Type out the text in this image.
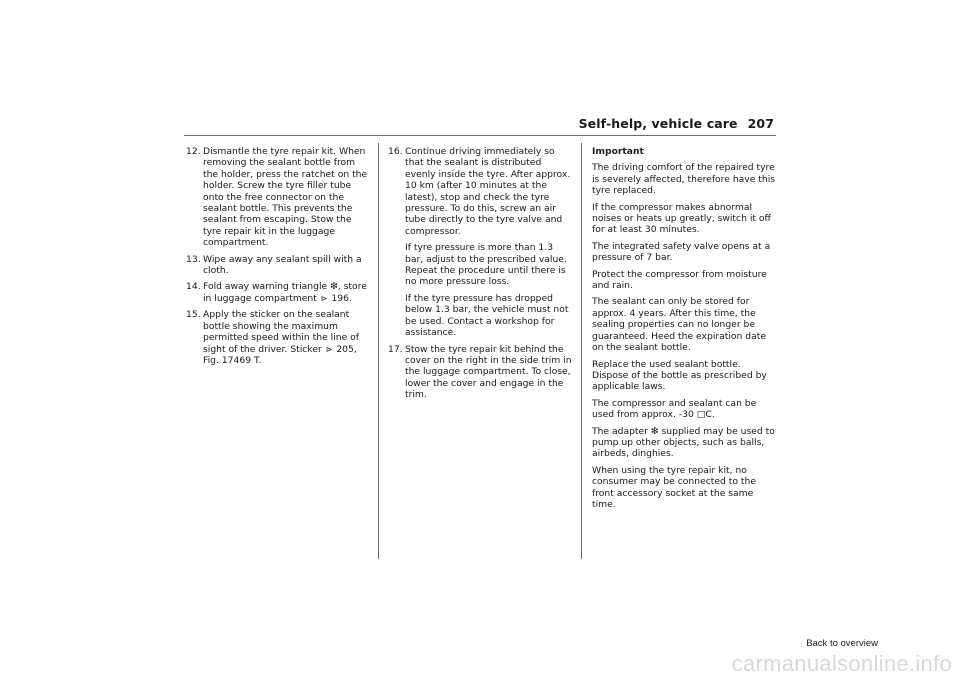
Self-help, vehicle care 207
12. Dismantle the tyre repair kit. When removing the sealant bottle from the holder, press the ratchet on the holder. Screw the tyre filler tube onto the free connector on the sealant bottle. This prevents the sealant from escaping. Stow the tyre repair kit in the luggage compartment.

13. Wipe away any sealant spill with a cloth.

14. Fold away warning triangle ❇, store in luggage compartment ⊳ 196.

15. Apply the sticker on the sealant bottle showing the maximum permitted speed within the line of sight of the driver. Sticker ⊳ 205, Fig. 17469 T.

16. Continue driving immediately so that the sealant is distributed evenly inside the tyre. After approx. 10 km (after 10 minutes at the latest), stop and check the tyre pressure. To do this, screw an air tube directly to the tyre valve and compressor.

If tyre pressure is more than 1.3 bar, adjust to the prescribed value. Repeat the procedure until there is no more pressure loss.

If the tyre pressure has dropped below 1.3 bar, the vehicle must not be used. Contact a workshop for assistance.

17. Stow the tyre repair kit behind the cover on the right in the side trim in the luggage compartment. To close, lower the cover and engage in the trim.

Important

The driving comfort of the repaired tyre is severely affected, therefore have this tyre replaced.

If the compressor makes abnormal noises or heats up greatly, switch it off for at least 30 minutes.

The integrated safety valve opens at a pressure of 7 bar.

Protect the compressor from moisture and rain.

The sealant can only be stored for approx. 4 years. After this time, the sealing properties can no longer be guaranteed. Heed the expiration date on the sealant bottle.

Replace the used sealant bottle. Dispose of the bottle as prescribed by applicable laws.

The compressor and sealant can be used from approx. -30 □C.

The adapter ❇ supplied may be used to pump up other objects, such as balls, airbeds, dinghies.

When using the tyre repair kit, no consumer may be connected to the front accessory socket at the same time.

Back to overview
carmanualsonline.info
